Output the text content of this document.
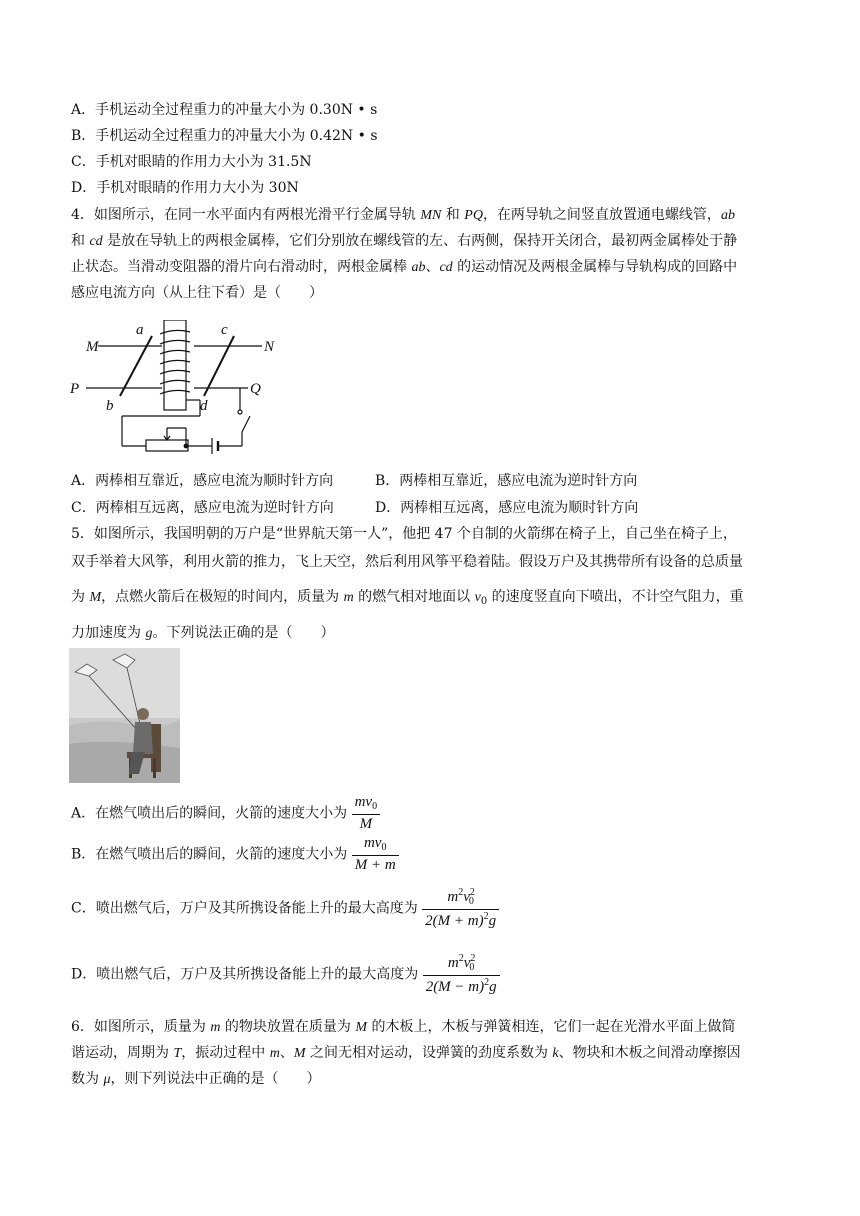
A．手机运动全过程重力的冲量大小为 0.30N • s
B．手机运动全过程重力的冲量大小为 0.42N • s
C．手机对眼睛的作用力大小为 31.5N
D．手机对眼睛的作用力大小为 30N
4．如图所示，在同一水平面内有两根光滑平行金属导轨 MN 和 PQ，在两导轨之间竖直放置通电螺线管，ab
和 cd 是放在导轨上的两根金属棒，它们分别放在螺线管的左、右两侧，保持开关闭合，最初两金属棒处于静
止状态。当滑动变阻器的滑片向右滑动时，两根金属棒 ab、cd 的运动情况及两根金属棒与导轨构成的回路中
感应电流方向（从上往下看）是（　　）
M	N
P	Q
a
b
c
d
A．两棒相互靠近，感应电流为顺时针方向	B．两棒相互靠近，感应电流为逆时针方向
C．两棒相互远离，感应电流为逆时针方向	D．两棒相互远离，感应电流为顺时针方向
5．如图所示，我国明朝的万户是“世界航天第一人”，他把 47 个自制的火箭绑在椅子上，自己坐在椅子上，
双手举着大风筝，利用火箭的推力，飞上天空，然后利用风筝平稳着陆。假设万户及其携带所有设备的总质量
为 M，点燃火箭后在极短的时间内，质量为 m 的燃气相对地面以 $v_0$ 的速度竖直向下喷出，不计空气阻力，重
力加速度为 g。下列说法正确的是（　　）
A．在燃气喷出后的瞬间，火箭的速度大小为 $\frac{mv_0}{M}$
B．在燃气喷出后的瞬间，火箭的速度大小为 $\frac{mv_0}{M + m}$
C．喷出燃气后，万户及其所携设备能上升的最大高度为 $\frac{m^2v^2_0}{2(M + m)^2g}$
D．喷出燃气后，万户及其所携设备能上升的最大高度为 $\frac{m^2v^2_0}{2(M - m)^2g}$
6．如图所示，质量为 m 的物块放置在质量为 M 的木板上，木板与弹簧相连，它们一起在光滑水平面上做简
谐运动，周期为 T，振动过程中 m、M 之间无相对运动，设弹簧的劲度系数为 k、物块和木板之间滑动摩擦因
数为 μ，则下列说法中正确的是（　　）
